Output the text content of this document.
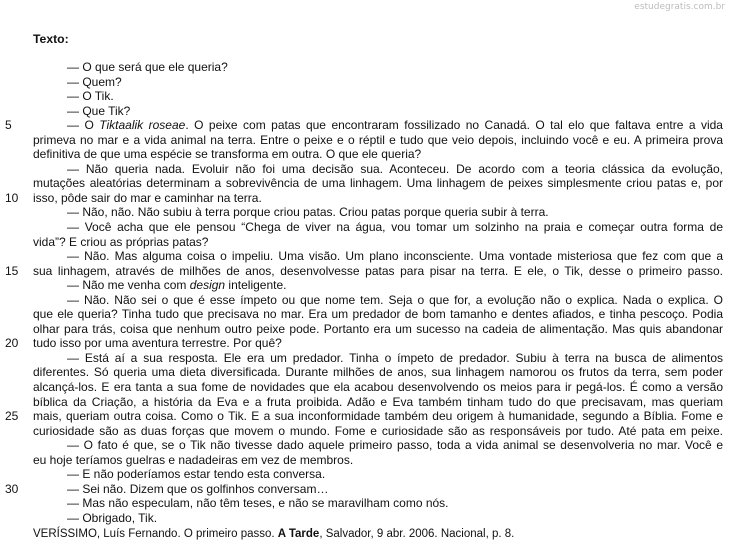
estudegratis.com.br
Texto:
— O que será que ele queria?
— Quem?
— O Tik.
— Que Tik?
5	— O Tiktaalik roseae. O peixe com patas que encontraram fossilizado no Canadá. O tal elo que faltava entre a vida
primeva no mar e a vida animal na terra. Entre o peixe e o réptil e tudo que veio depois, incluindo você e eu. A primeira prova
definitiva de que uma espécie se transforma em outra. O que ele queria?
— Não queria nada. Evoluir não foi uma decisão sua. Aconteceu. De acordo com a teoria clássica da evolução,
mutações aleatórias determinam a sobrevivência de uma linhagem. Uma linhagem de peixes simplesmente criou patas e, por
10 isso, pôde sair do mar e caminhar na terra.
— Não, não. Não subiu à terra porque criou patas. Criou patas porque queria subir à terra.
— Você acha que ele pensou “Chega de viver na água, vou tomar um solzinho na praia e começar outra forma de
vida”? E criou as próprias patas?
— Não. Mas alguma coisa o impeliu. Uma visão. Um plano inconsciente. Uma vontade misteriosa que fez com que a
15 sua linhagem, através de milhões de anos, desenvolvesse patas para pisar na terra. E ele, o Tik, desse o primeiro passo.
— Não me venha com design inteligente.
— Não. Não sei o que é esse ímpeto ou que nome tem. Seja o que for, a evolução não o explica. Nada o explica. O
que ele queria? Tinha tudo que precisava no mar. Era um predador de bom tamanho e dentes afiados, e tinha pescoço. Podia
olhar para trás, coisa que nenhum outro peixe pode. Portanto era um sucesso na cadeia de alimentação. Mas quis abandonar
20 tudo isso por uma aventura terrestre. Por quê?
— Está aí a sua resposta. Ele era um predador. Tinha o ímpeto de predador. Subiu à terra na busca de alimentos
diferentes. Só queria uma dieta diversificada. Durante milhões de anos, sua linhagem namorou os frutos da terra, sem poder
alcançá-los. E era tanta a sua fome de novidades que ela acabou desenvolvendo os meios para ir pegá-los. É como a versão
bíblica da Criação, a história da Eva e a fruta proibida. Adão e Eva também tinham tudo do que precisavam, mas queriam
25 mais, queriam outra coisa. Como o Tik. E a sua inconformidade também deu origem à humanidade, segundo a Bíblia. Fome e
curiosidade são as duas forças que movem o mundo. Fome e curiosidade são as responsáveis por tudo. Até pata em peixe.
— O fato é que, se o Tik não tivesse dado aquele primeiro passo, toda a vida animal se desenvolveria no mar. Você e
eu hoje teríamos guelras e nadadeiras em vez de membros.
— E não poderíamos estar tendo esta conversa.
30	— Sei não. Dizem que os golfinhos conversam…
— Mas não especulam, não têm teses, e não se maravilham como nós.
— Obrigado, Tik.
VERÍSSIMO, Luís Fernando. O primeiro passo. A Tarde, Salvador, 9 abr. 2006. Nacional, p. 8.
